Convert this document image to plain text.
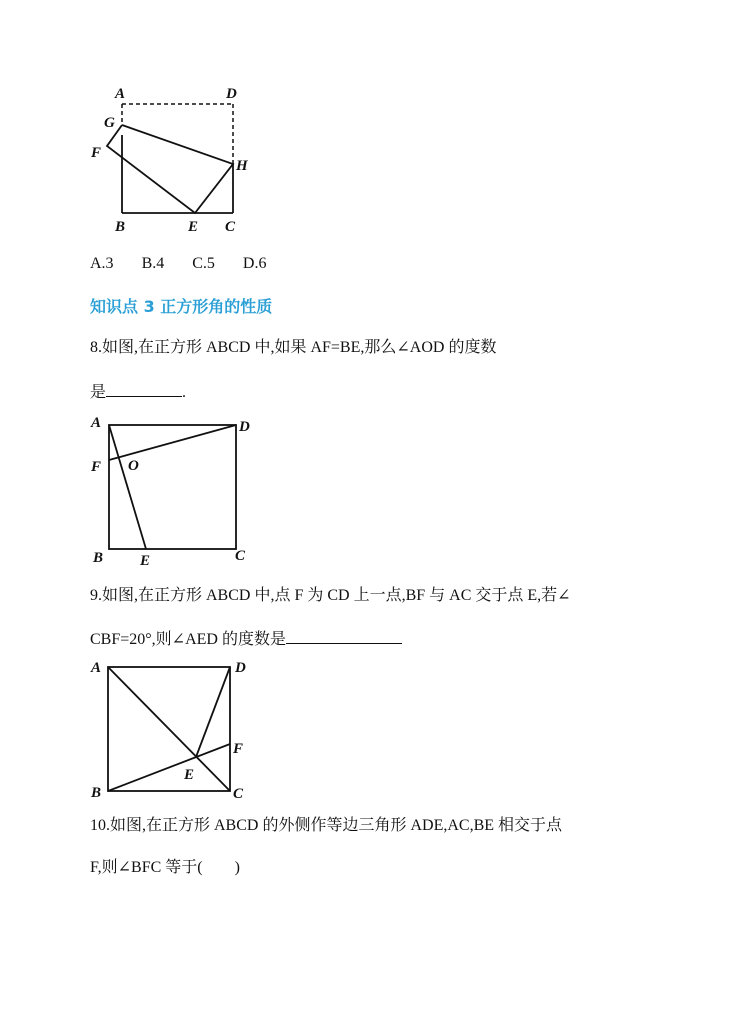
A	D
G
F
H
B	E C
A.3 B.4 C.5 D.6
知识点 3 正方形角的性质
8.如图,在正方形 ABCD 中,如果 AF=BE,那么∠AOD 的度数
是	.
A	D
F O
B E	C
9.如图,在正方形 ABCD 中,点 F 为 CD 上一点,BF 与 AC 交于点 E,若∠
CBF=20°,则∠AED 的度数是
A	D
F
E
B	C
10.如图,在正方形 ABCD 的外侧作等边三角形 ADE,AC,BE 相交于点
F,则∠BFC 等于(　　)
